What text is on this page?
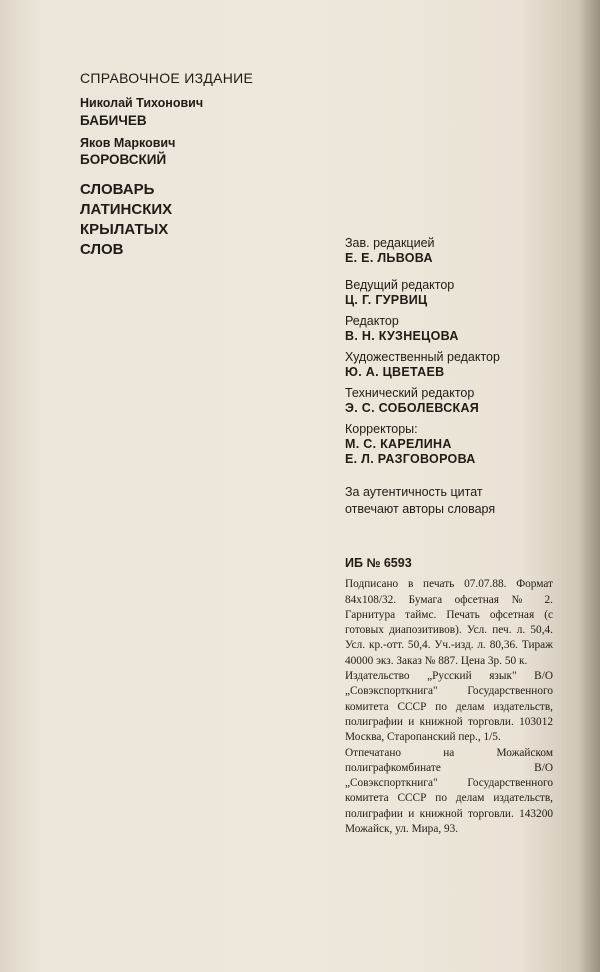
СПРАВОЧНОЕ ИЗДАНИЕ
Николай Тихонович
БАБИЧЕВ
Яков Маркович
БОРОВСКИЙ
СЛОВАРЬ
ЛАТИНСКИХ
КРЫЛАТЫХ
СЛОВ	Зав. редакцией
Е. Е. ЛЬВОВА
Ведущий редактор
Ц. Г. ГУРВИЦ
Редактор
В. Н. КУЗНЕЦОВА
Художественный редактор
Ю. А. ЦВЕТАЕВ
Технический редактор
Э. С. СОБОЛЕВСКАЯ
Корректоры:
М. С. КАРЕЛИНА
Е. Л. РАЗГОВОРОВА
За аутентичность цитат
отвечают авторы словаря
ИБ № 6593

Подписано в печать 07.07.88. Формат 84х108/32. Бумага офсетная № 2. Гарнитура таймс. Печать офсетная (с готовых диапозитивов). Усл. печ. л. 50,4. Усл. кр.-отт. 50,4. Уч.-изд. л. 80,36. Тираж 40000 экз. Заказ № 887. Цена 3р. 50 к.

Издательство „Русский язык" В/О „Совэкспорткнига" Государственного комитета СССР по делам издательств, полиграфии и книжной торговли. 103012 Москва, Старопанский пер., 1/5.

Отпечатано на Можайском полиграфкомбинате В/О „Совэкспорткнига" Государственного комитета СССР по делам издательств, полиграфии и книжной торговли. 143200 Можайск, ул. Мира, 93.
